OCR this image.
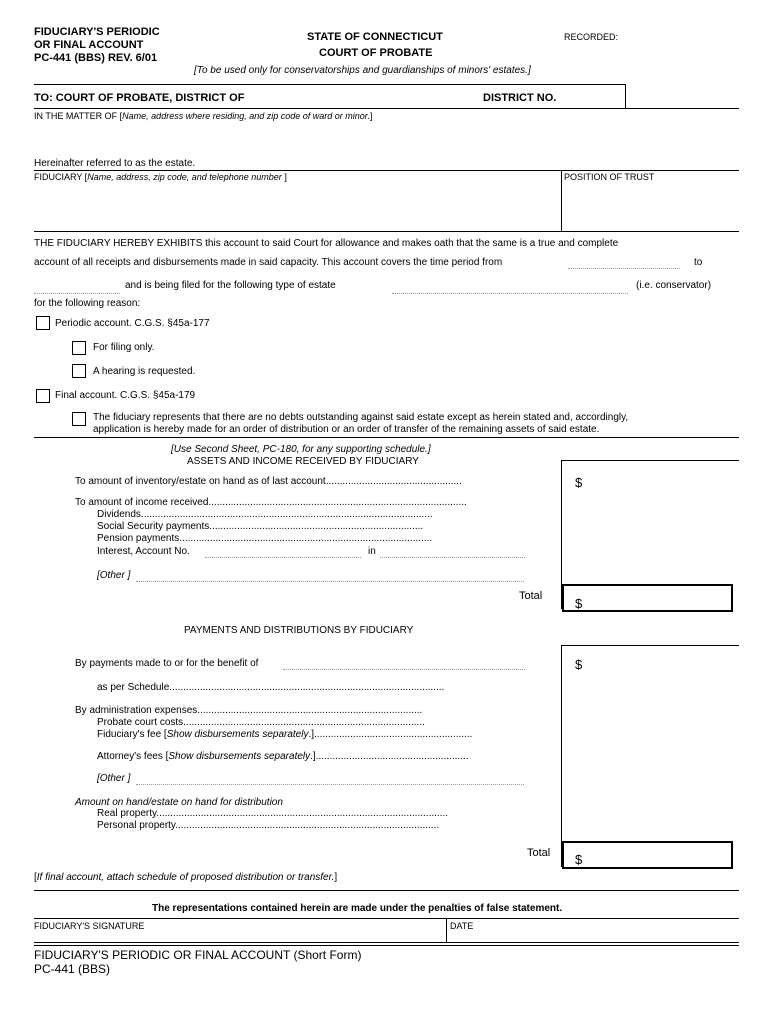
FIDUCIARY'S PERIODIC
OR FINAL ACCOUNT
PC-441 (BBS) REV. 6/01
STATE OF CONNECTICUT
COURT OF PROBATE
RECORDED:
[To be used only for conservatorships and guardianships of minors' estates.]
TO: COURT OF PROBATE, DISTRICT OF	DISTRICT NO.
IN THE MATTER OF [Name, address where residing, and zip code of ward or minor.]
Hereinafter referred to as the estate.
FIDUCIARY [Name, address, zip code, and telephone number ]	POSITION OF TRUST
THE FIDUCIARY HEREBY EXHIBITS this account to said Court for allowance and makes oath that the same is a true and complete
account of all receipts and disbursements made in said capacity. This account covers the time period from	to
and is being filed for the following type of estate	(i.e. conservator)
for the following reason:
Periodic account. C.G.S. §45a-177
For filing only.
A hearing is requested.
Final account. C.G.S. §45a-179
The fiduciary represents that there are no debts outstanding against said estate except as herein stated and, accordingly,
application is hereby made for an order of distribution or an order of transfer of the remaining assets of said estate.
[Use Second Sheet, PC-180, for any supporting schedule.]
ASSETS AND INCOME RECEIVED BY FIDUCIARY
To amount of inventory/estate on hand as of last account.................................................
To amount of income received.............................................................................................
Dividends.........................................................................................................
Social Security payments.............................................................................
Pension payments...........................................................................................
Interest, Account No.	in
[Other ]
Total
$
$
PAYMENTS AND DISTRIBUTIONS BY FIDUCIARY
By payments made to or for the benefit of	$
as per Schedule...................................................................................................
By administration expenses.................................................................................
Probate court costs.......................................................................................
Fiduciary's fee [Show disbursements separately.].........................................................
Attorney's fees [Show disbursements separately.].......................................................
[Other ]
Amount on hand/estate on hand for distribution
Real property.........................................................................................................
Personal property...............................................................................................
Total $
[If final account, attach schedule of proposed distribution or transfer.]
The representations contained herein are made under the penalties of false statement.
FIDUCIARY'S SIGNATURE	DATE
FIDUCIARY'S PERIODIC OR FINAL ACCOUNT (Short Form)
PC-441 (BBS)
